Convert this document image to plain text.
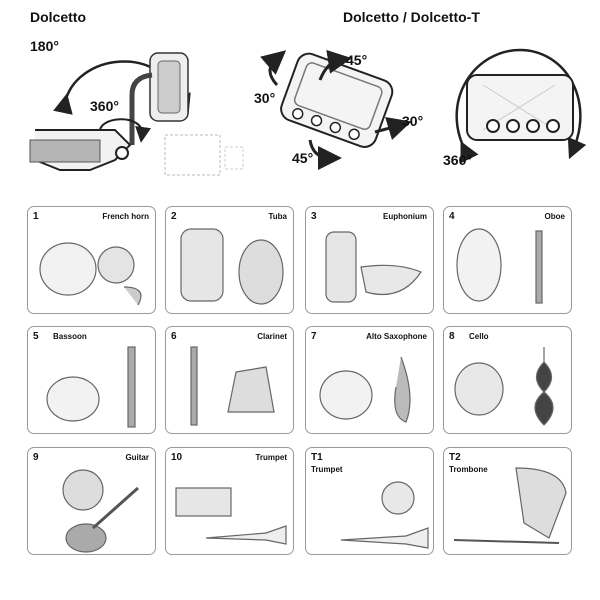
Dolcetto	Dolcetto / Dolcetto-T
180°
360°
45°
30°
30°
45°	360°
1	French horn 2	Tuba 3	Euphonium 4	Oboe
5 Bassoon	6	Clarinet 7	Alto Saxophone 8 Cello
9	Guitar 10	Trumpet T1
Trumpet
T2
Trombone
